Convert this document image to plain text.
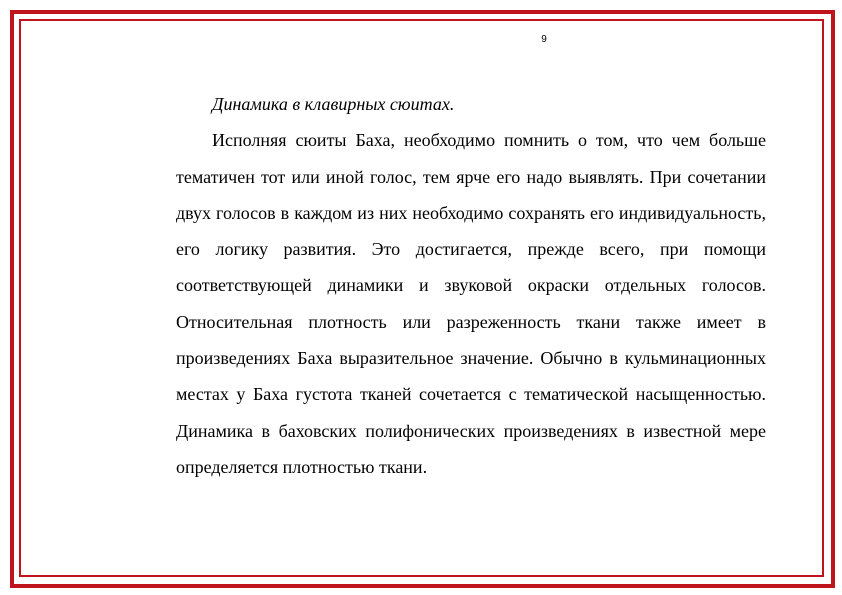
9

Динамика в клавирных сюитах.

Исполняя сюиты Баха, необходимо помнить о том, что чем больше тематичен тот или иной голос, тем ярче его надо выявлять. При сочетании двух голосов в каждом из них необходимо сохранять его индивидуальность, его логику развития. Это достигается, прежде всего, при помощи соответствующей динамики и звуковой окраски отдельных голосов. Относительная плотность или разреженность ткани также имеет в произведениях Баха выразительное значение. Обычно в кульминационных местах у Баха густота тканей сочетается с тематической насыщенностью. Динамика в баховских полифонических произведениях в известной мере определяется плотностью ткани.
